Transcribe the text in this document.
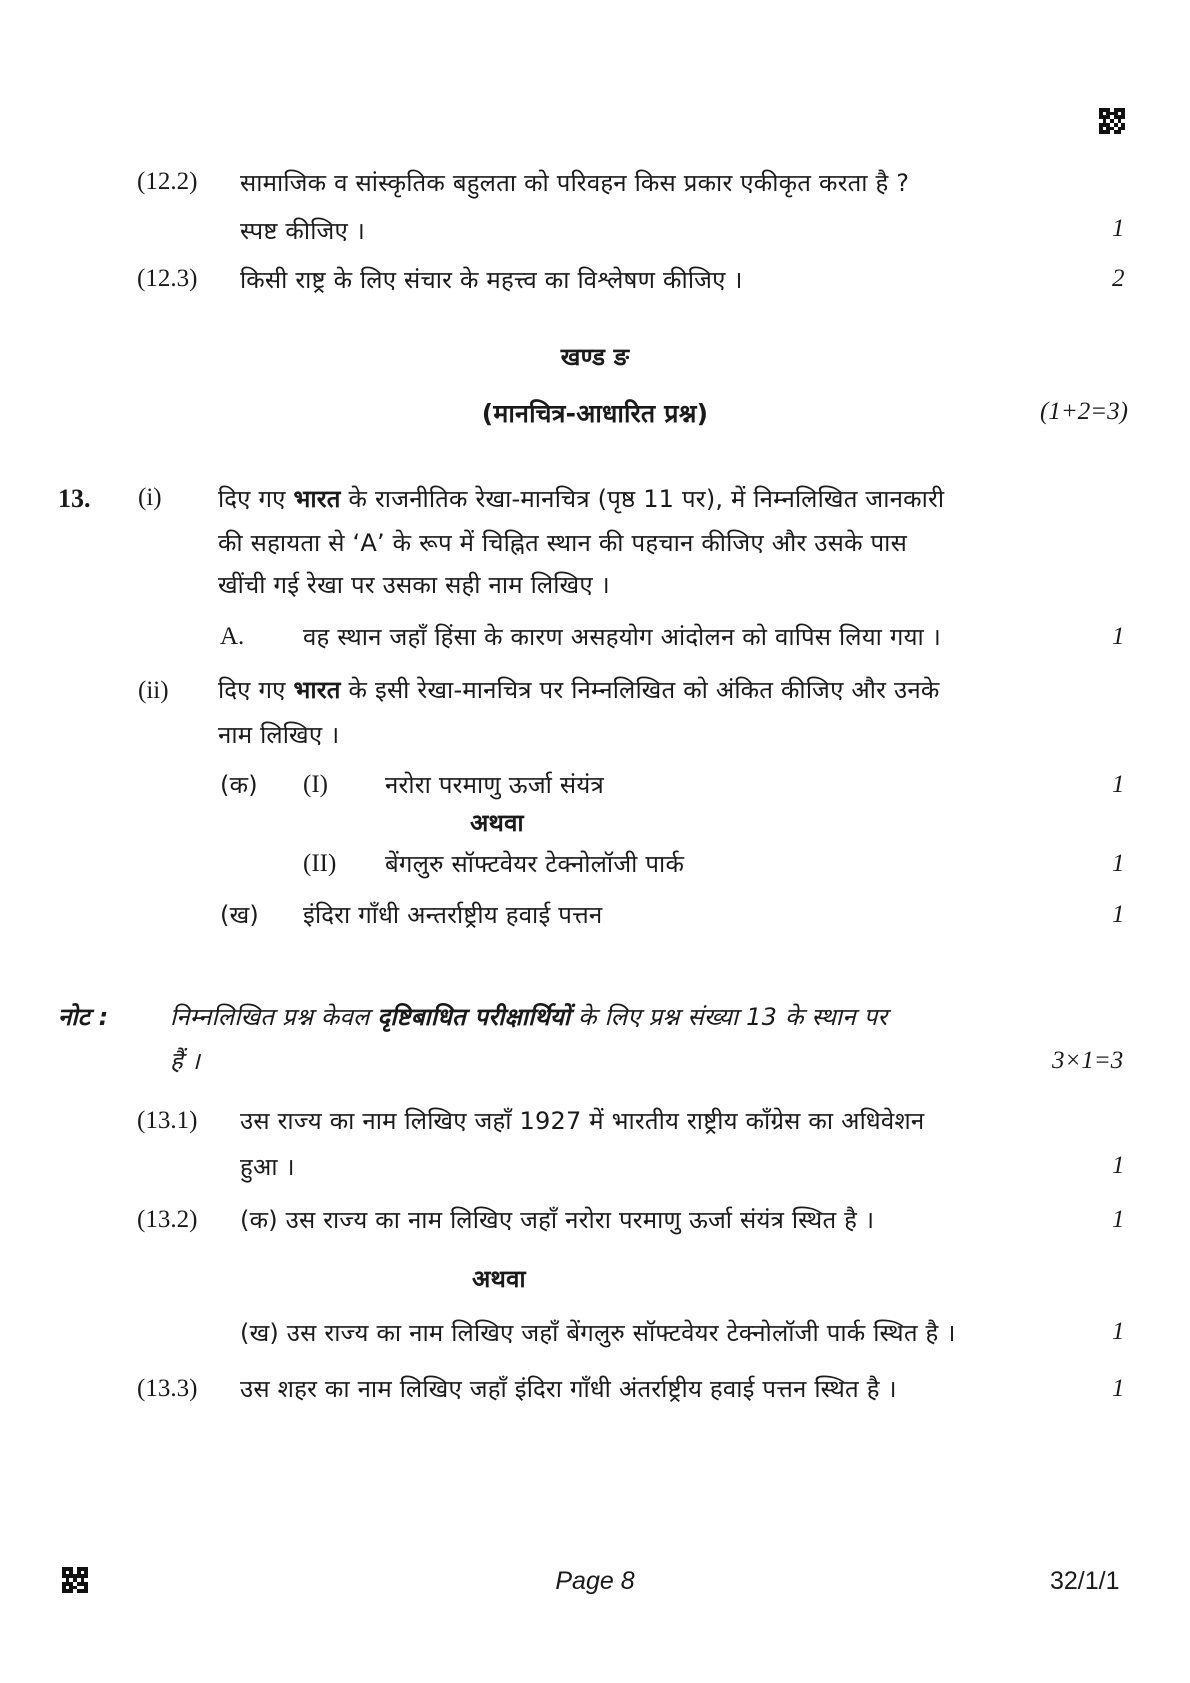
(12.2) सामाजिक व सांस्कृतिक बहुलता को परिवहन किस प्रकार एकीकृत करता है ?
स्पष्ट कीजिए ।	1
(12.3) किसी राष्ट्र के लिए संचार के महत्त्व का विश्लेषण कीजिए ।	2
खण्ड ङ
(मानचित्र-आधारित प्रश्न)	(1+2=3)
13. (i) दिए गए भारत के राजनीतिक रेखा-मानचित्र (पृष्ठ 11 पर), में निम्नलिखित जानकारी
की सहायता से ‘A’ के रूप में चिह्नित स्थान की पहचान कीजिए और उसके पास
खींची गई रेखा पर उसका सही नाम लिखिए ।
A. वह स्थान जहाँ हिंसा के कारण असहयोग आंदोलन को वापिस लिया गया ।	1
(ii) दिए गए भारत के इसी रेखा-मानचित्र पर निम्नलिखित को अंकित कीजिए और उनके
नाम लिखिए ।
(क) (I) नरोरा परमाणु ऊर्जा संयंत्र	1
अथवा
(II) बेंगलुरु सॉफ्टवेयर टेक्नोलॉजी पार्क	1
(ख) इंदिरा गाँधी अन्तर्राष्ट्रीय हवाई पत्तन	1
नोट :	निम्नलिखित प्रश्न केवल दृष्टिबाधित परीक्षार्थियों के लिए प्रश्न संख्या 13 के स्थान पर
हैं ।	3×1=3
(13.1) उस राज्य का नाम लिखिए जहाँ 1927 में भारतीय राष्ट्रीय काँग्रेस का अधिवेशन
हुआ ।	1
(13.2) (क) उस राज्य का नाम लिखिए जहाँ नरोरा परमाणु ऊर्जा संयंत्र स्थित है ।	1
अथवा
(ख) उस राज्य का नाम लिखिए जहाँ बेंगलुरु सॉफ्टवेयर टेक्नोलॉजी पार्क स्थित है ।	1
(13.3) उस शहर का नाम लिखिए जहाँ इंदिरा गाँधी अंतर्राष्ट्रीय हवाई पत्तन स्थित है ।	1
Page 8	32/1/1
